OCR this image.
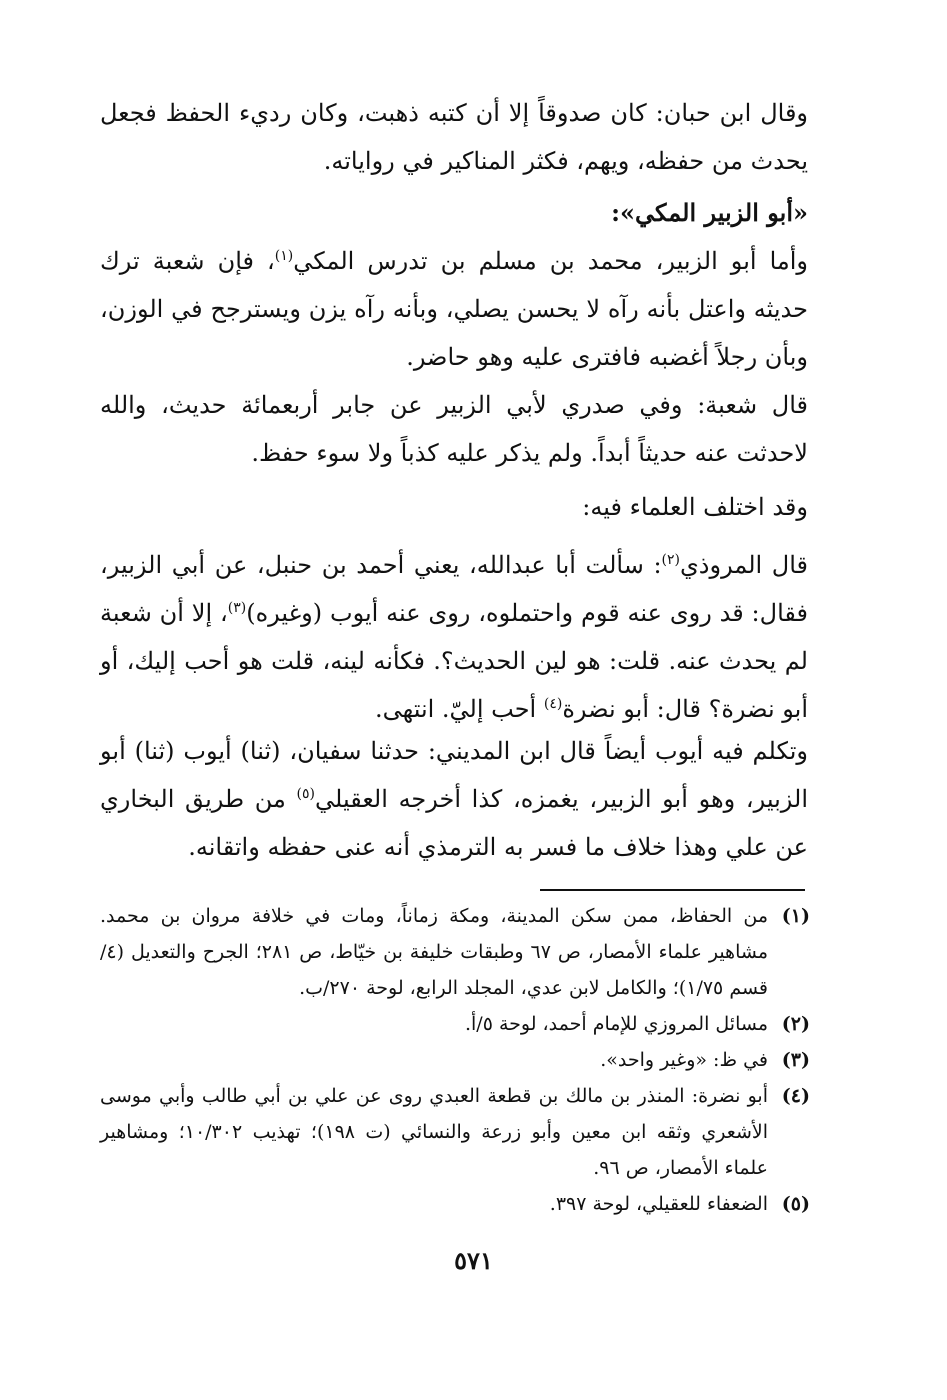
وقال ابن حبان: كان صدوقاً إلا أن كتبه ذهبت، وكان رديء الحفظ فجعل يحدث من حفظه، ويهم، فكثر المناكير في رواياته.

«أبو الزبير المكي»:

وأما أبو الزبير، محمد بن مسلم بن تدرس المكي$^{(١)}$، فإن شعبة ترك حديثه واعتل بأنه رآه لا يحسن يصلي، وبأنه رآه يزن ويسترجح في الوزن، وبأن رجلاً أغضبه فافترى عليه وهو حاضر.

قال شعبة: وفي صدري لأبي الزبير عن جابر أربعمائة حديث، والله لاحدثت عنه حديثاً أبداً. ولم يذكر عليه كذباً ولا سوء حفظ.

وقد اختلف العلماء فيه:

قال المروذي$^{(٢)}$: سألت أبا عبدالله، يعني أحمد بن حنبل، عن أبي الزبير، فقال: قد روى عنه قوم واحتملوه، روى عنه أيوب (وغيره)$^{(٣)}$، إلا أن شعبة لم يحدث عنه. قلت: هو لين الحديث؟. فكأنه لينه، قلت هو أحب إليك، أو أبو نضرة؟ قال: أبو نضرة$^{(٤)}$ أحب إليّ. انتهى.

وتكلم فيه أيوب أيضاً قال ابن المديني: حدثنا سفيان، (ثنا) أيوب (ثنا) أبو الزبير، وهو أبو الزبير، يغمزه، كذا أخرجه العقيلي$^{(٥)}$ من طريق البخاري عن علي وهذا خلاف ما فسر به الترمذي أنه عنى حفظه واتقانه.

(١)
من الحفاظ، ممن سكن المدينة، ومكة زماناً، ومات في خلافة مروان بن محمد. مشاهير علماء الأمصار، ص ٦٧ وطبقات خليفة بن خيّاط، ص ٢٨١؛ الجرح والتعديل (٤/ قسم ١/٧٥)؛ والكامل لابن عدي، المجلد الرابع، لوحة ٢٧٠/ب.

(٢)
مسائل المروزي للإمام أحمد، لوحة ٥/أ.

(٣)
في ظ: «وغير واحد».

(٤)
أبو نضرة: المنذر بن مالك بن قطعة العبدي روى عن علي بن أبي طالب وأبي موسى الأشعري وثقه ابن معين وأبو زرعة والنسائي (ت ١٩٨)؛ تهذيب ١٠/٣٠٢؛ ومشاهير علماء الأمصار، ص ٩٦.

(٥)
الضعفاء للعقيلي، لوحة ٣٩٧.

٥٧١
